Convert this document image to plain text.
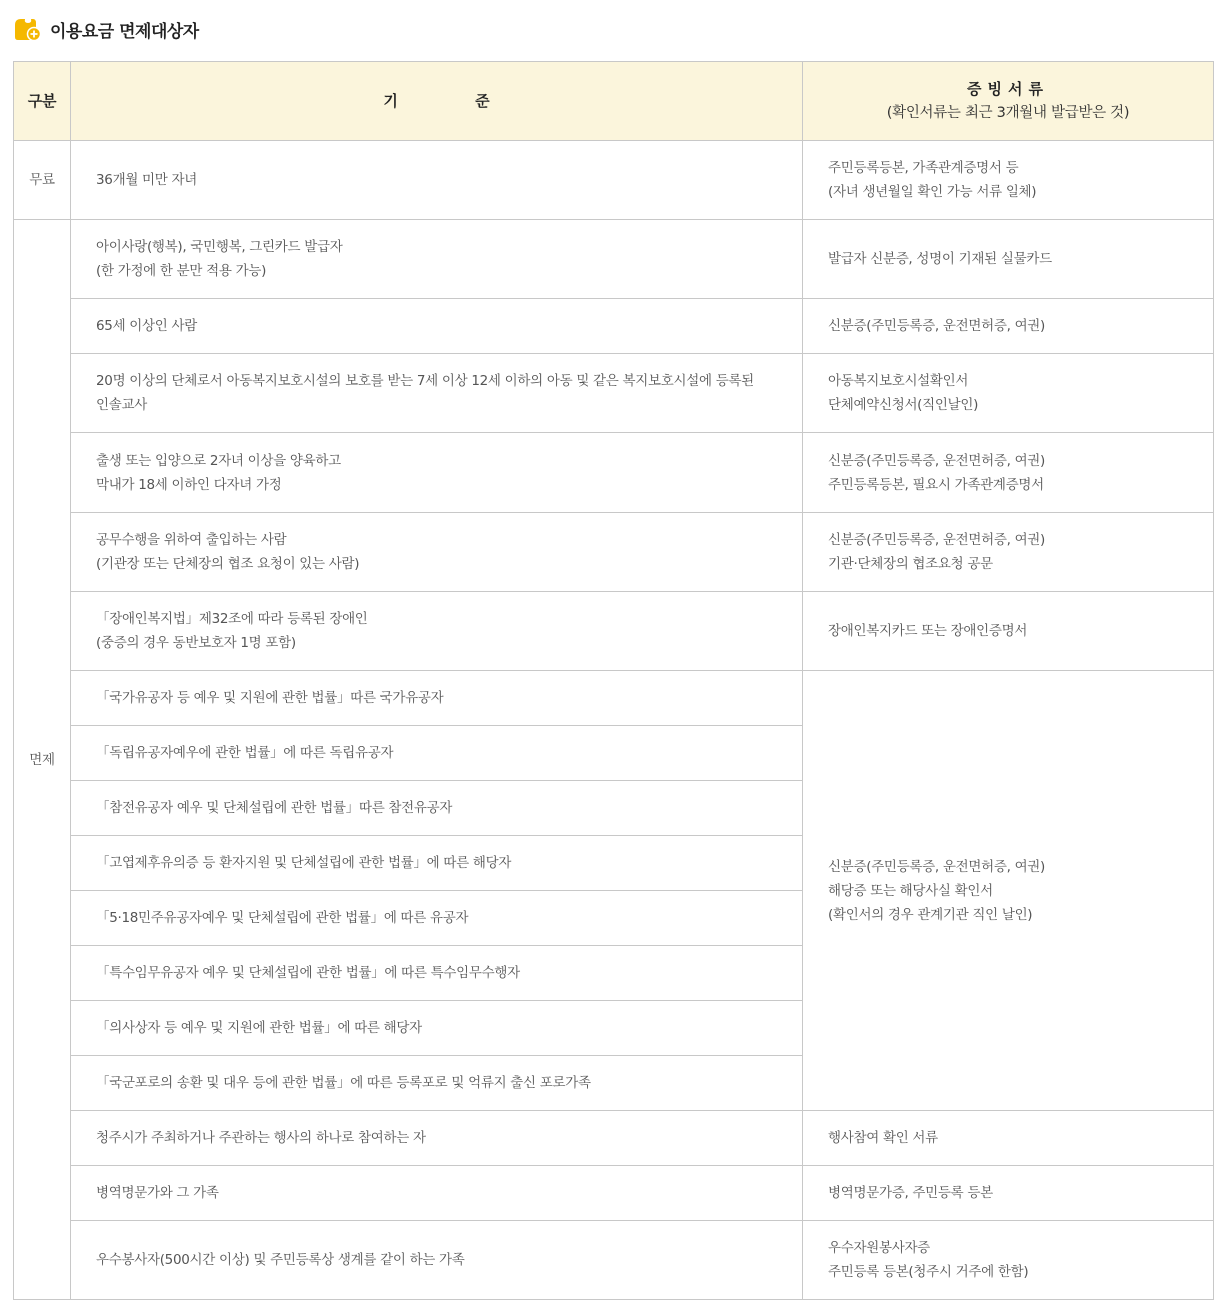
이용요금 면제대상자
구분	기 준	증빙서류
(확인서류는 최근 3개월내 발급받은 것)

무료	36개월 미만 자녀	주민등록등본, 가족관계증명서 등
(자녀 생년월일 확인 가능 서류 일체)

면제	아이사랑(행복), 국민행복, 그린카드 발급자
(한 가정에 한 분만 적용 가능)	발급자 신분증, 성명이 기재된 실물카드

	65세 이상인 사람	신분증(주민등록증, 운전면허증, 여권)

	20명 이상의 단체로서 아동복지보호시설의 보호를 받는 7세 이상 12세 이하의 아동 및 같은 복지보호시설에 등록된
인솔교사	아동복지보호시설확인서
단체예약신청서(직인날인)

	출생 또는 입양으로 2자녀 이상을 양육하고
막내가 18세 이하인 다자녀 가정	신분증(주민등록증, 운전면허증, 여권)
주민등록등본, 필요시 가족관계증명서

	공무수행을 위하여 출입하는 사람
(기관장 또는 단체장의 협조 요청이 있는 사람)	신분증(주민등록증, 운전면허증, 여권)
기관·단체장의 협조요청 공문

	「장애인복지법」제32조에 따라 등록된 장애인
(중증의 경우 동반보호자 1명 포함)	장애인복지카드 또는 장애인증명서

	「국가유공자 등 예우 및 지원에 관한 법률」따른 국가유공자	신분증(주민등록증, 운전면허증, 여권)
해당증 또는 해당사실 확인서
(확인서의 경우 관계기관 직인 날인)

	「독립유공자예우에 관한 법률」에 따른 독립유공자	
	「참전유공자 예우 및 단체설립에 관한 법률」따른 참전유공자	
	「고엽제후유의증 등 환자지원 및 단체설립에 관한 법률」에 따른 해당자	
	「5·18민주유공자예우 및 단체설립에 관한 법률」에 따른 유공자	
	「특수임무유공자 예우 및 단체설립에 관한 법률」에 따른 특수임무수행자	
	「의사상자 등 예우 및 지원에 관한 법률」에 따른 해당자	
	「국군포로의 송환 및 대우 등에 관한 법률」에 따른 등록포로 및 억류지 출신 포로가족	

	청주시가 주최하거나 주관하는 행사의 하나로 참여하는 자	행사참여 확인 서류

	병역명문가와 그 가족	병역명문가증, 주민등록 등본

	우수봉사자(500시간 이상) 및 주민등록상 생계를 같이 하는 가족	우수자원봉사자증
주민등록 등본(청주시 거주에 한함)
